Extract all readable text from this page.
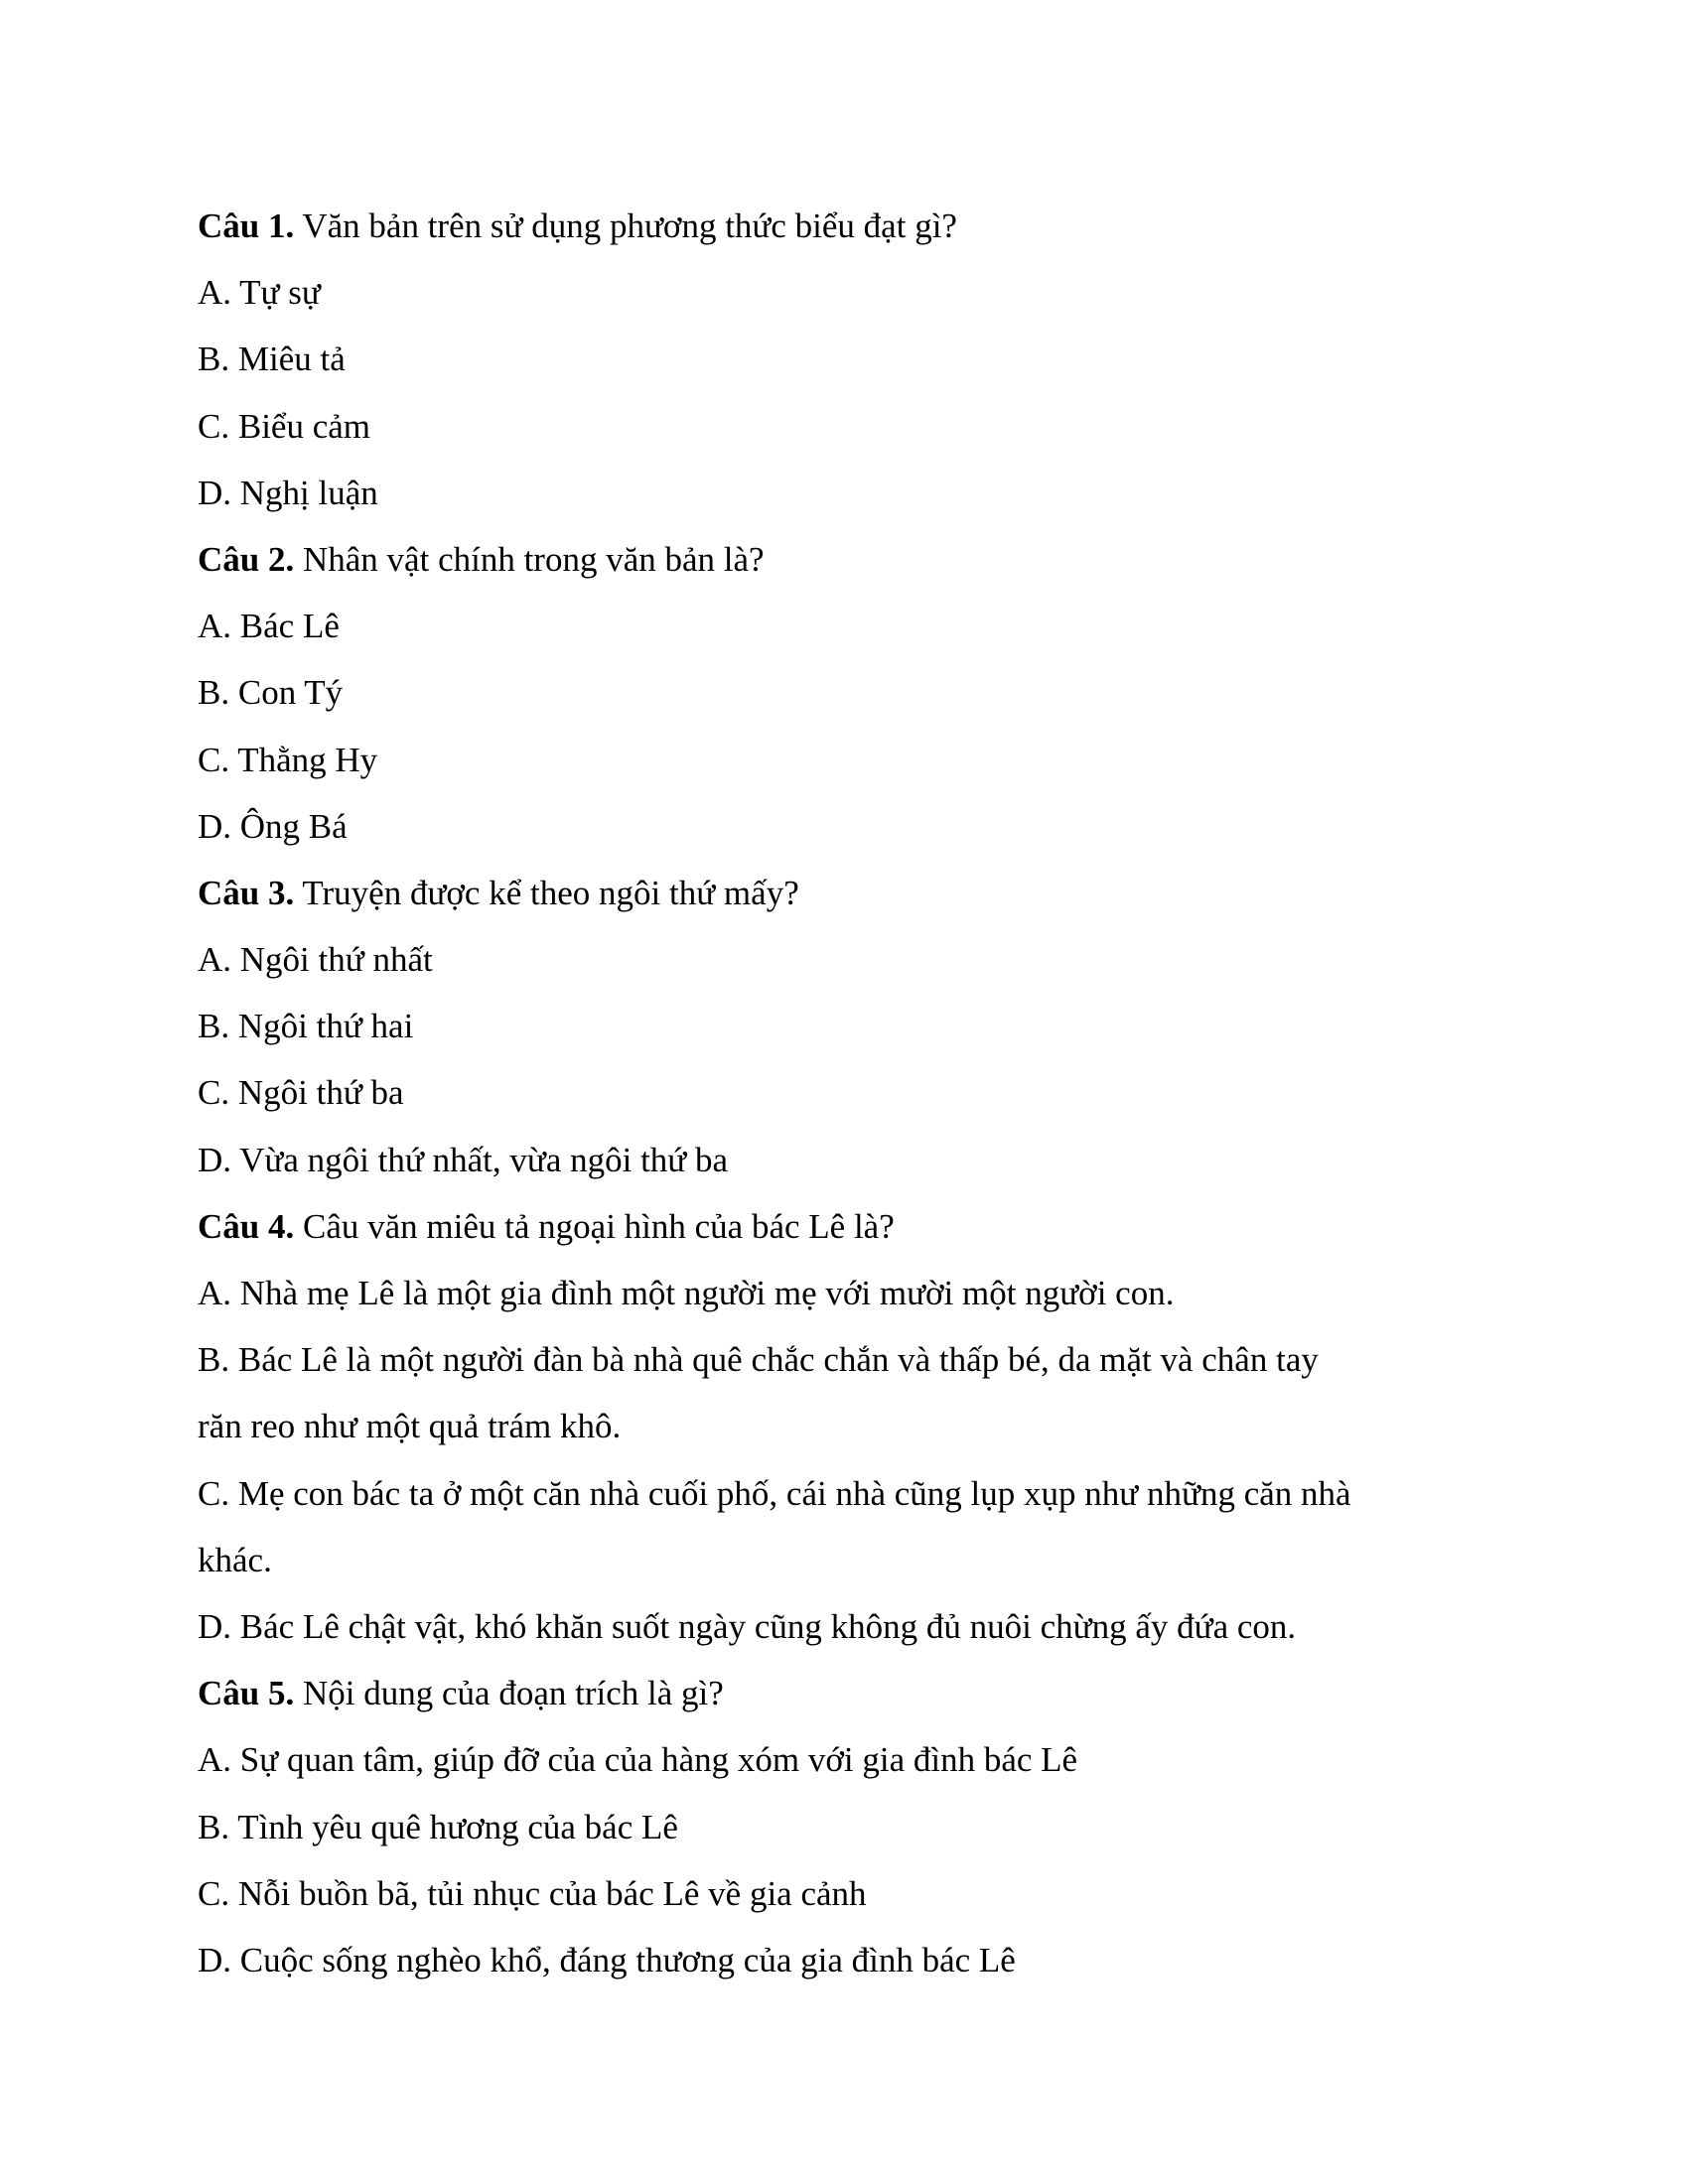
Câu 1. Văn bản trên sử dụng phương thức biểu đạt gì?
A. Tự sự
B. Miêu tả
C. Biểu cảm
D. Nghị luận
Câu 2. Nhân vật chính trong văn bản là?
A. Bác Lê
B. Con Tý
C. Thằng Hy
D. Ông Bá
Câu 3. Truyện được kể theo ngôi thứ mấy?
A. Ngôi thứ nhất
B. Ngôi thứ hai
C. Ngôi thứ ba
D. Vừa ngôi thứ nhất, vừa ngôi thứ ba
Câu 4. Câu văn miêu tả ngoại hình của bác Lê là?
A. Nhà mẹ Lê là một gia đình một người mẹ với mười một người con.
B. Bác Lê là một người đàn bà nhà quê chắc chắn và thấp bé, da mặt và chân tay
răn reo như một quả trám khô.
C. Mẹ con bác ta ở một căn nhà cuối phố, cái nhà cũng lụp xụp như những căn nhà
khác.
D. Bác Lê chật vật, khó khăn suốt ngày cũng không đủ nuôi chừng ấy đứa con.
Câu 5. Nội dung của đoạn trích là gì?
A. Sự quan tâm, giúp đỡ của của hàng xóm với gia đình bác Lê
B. Tình yêu quê hương của bác Lê
C. Nỗi buồn bã, tủi nhục của bác Lê về gia cảnh
D. Cuộc sống nghèo khổ, đáng thương của gia đình bác Lê
